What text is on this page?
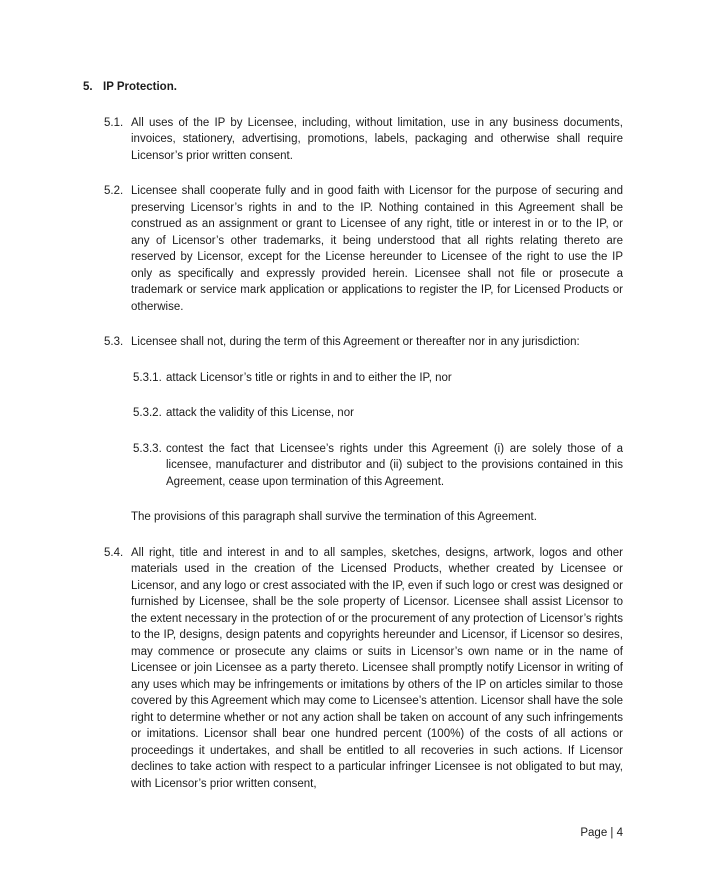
5. IP Protection.
5.1. All uses of the IP by Licensee, including, without limitation, use in any business documents, invoices, stationery, advertising, promotions, labels, packaging and otherwise shall require Licensor’s prior written consent.
5.2. Licensee shall cooperate fully and in good faith with Licensor for the purpose of securing and preserving Licensor’s rights in and to the IP. Nothing contained in this Agreement shall be construed as an assignment or grant to Licensee of any right, title or interest in or to the IP, or any of Licensor’s other trademarks, it being understood that all rights relating thereto are reserved by Licensor, except for the License hereunder to Licensee of the right to use the IP only as specifically and expressly provided herein. Licensee shall not file or prosecute a trademark or service mark application or applications to register the IP, for Licensed Products or otherwise.
5.3. Licensee shall not, during the term of this Agreement or thereafter nor in any jurisdiction:
5.3.1. attack Licensor’s title or rights in and to either the IP, nor
5.3.2. attack the validity of this License, nor
5.3.3. contest the fact that Licensee’s rights under this Agreement (i) are solely those of a licensee, manufacturer and distributor and (ii) subject to the provisions contained in this Agreement, cease upon termination of this Agreement.
The provisions of this paragraph shall survive the termination of this Agreement.
5.4. All right, title and interest in and to all samples, sketches, designs, artwork, logos and other materials used in the creation of the Licensed Products, whether created by Licensee or Licensor, and any logo or crest associated with the IP, even if such logo or crest was designed or furnished by Licensee, shall be the sole property of Licensor. Licensee shall assist Licensor to the extent necessary in the protection of or the procurement of any protection of Licensor’s rights to the IP, designs, design patents and copyrights hereunder and Licensor, if Licensor so desires, may commence or prosecute any claims or suits in Licensor’s own name or in the name of Licensee or join Licensee as a party thereto. Licensee shall promptly notify Licensor in writing of any uses which may be infringements or imitations by others of the IP on articles similar to those covered by this Agreement which may come to Licensee’s attention. Licensor shall have the sole right to determine whether or not any action shall be taken on account of any such infringements or imitations. Licensor shall bear one hundred percent (100%) of the costs of all actions or proceedings it undertakes, and shall be entitled to all recoveries in such actions. If Licensor declines to take action with respect to a particular infringer Licensee is not obligated to but may, with Licensor’s prior written consent,
Page | 4
